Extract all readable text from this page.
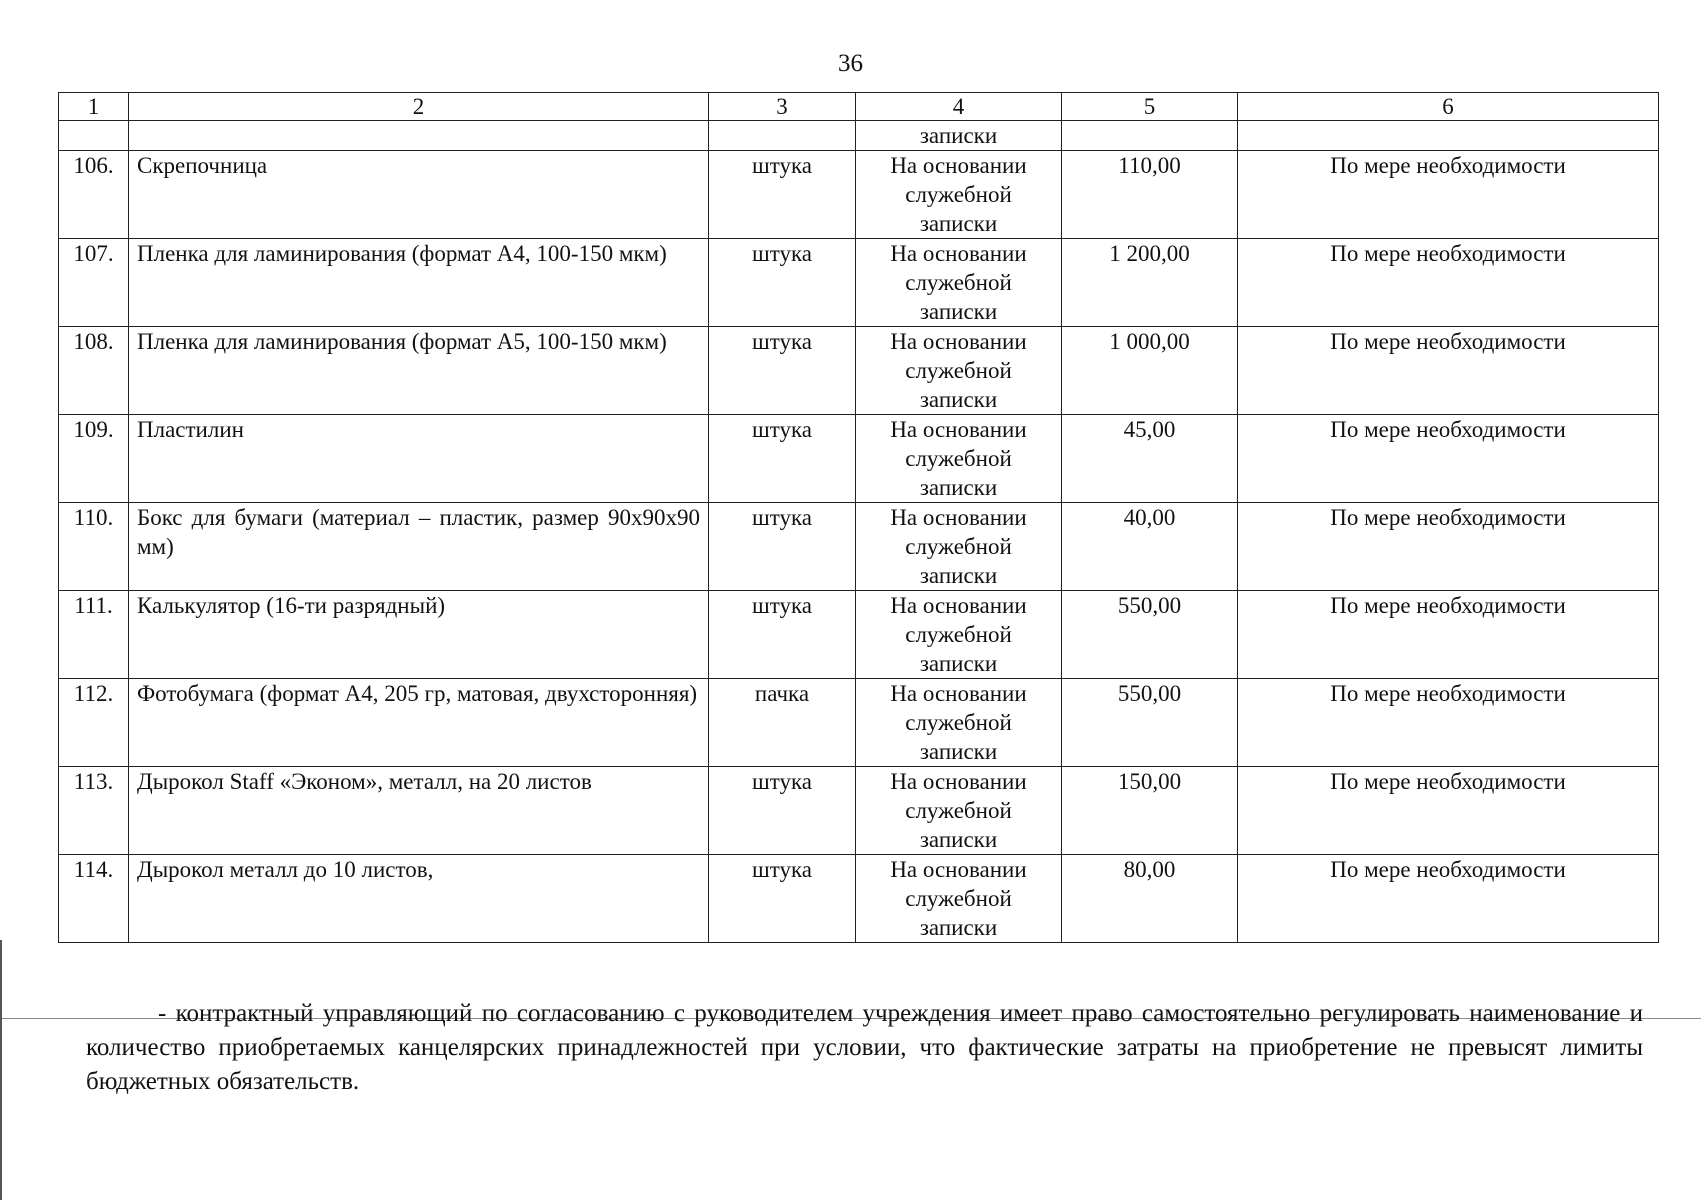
36
1	2	3	4	5	6
			записки		
106.	Скрепочница	штука	На основании служебной записки	110,00	По мере необходимости
107.	Пленка для ламинирования (формат А4, 100-150 мкм)	штука	На основании служебной записки	1 200,00	По мере необходимости
108.	Пленка для ламинирования (формат А5, 100-150 мкм)	штука	На основании служебной записки	1 000,00	По мере необходимости
109.	Пластилин	штука	На основании служебной записки	45,00	По мере необходимости
110.	Бокс для бумаги (материал – пластик, размер 90х90х90 мм)	штука	На основании служебной записки	40,00	По мере необходимости
111.	Калькулятор (16-ти разрядный)	штука	На основании служебной записки	550,00	По мере необходимости
112.	Фотобумага (формат А4, 205 гр, матовая, двухсторонняя)	пачка	На основании служебной записки	550,00	По мере необходимости
113.	Дырокол Staff «Эконом», металл, на 20 листов	штука	На основании служебной записки	150,00	По мере необходимости
114.	Дырокол металл до 10 листов,	штука	На основании служебной записки	80,00	По мере необходимости

- контрактный управляющий по согласованию с руководителем учреждения имеет право самостоятельно регулировать наименование и количество приобретаемых канцелярских принадлежностей при условии, что фактические затраты на приобретение не превысят лимиты бюджетных обязательств.
